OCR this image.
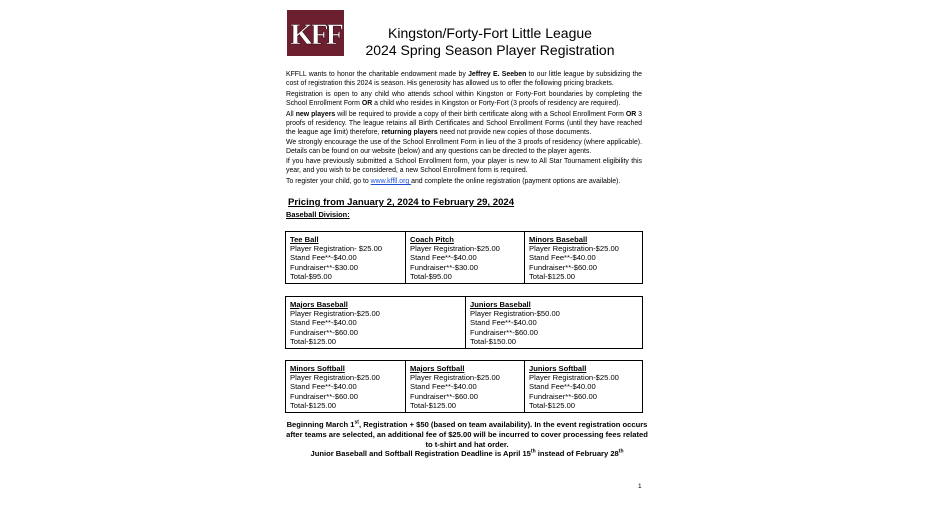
KFF	Kingston/Forty-Fort Little League
2024 Spring Season Player Registration
KFFLL wants to honor the charitable endowment made by Jeffrey E. Seeben to our little league by subsidizing the cost of registration this 2024 is season. His generosity has allowed us to offer the following pricing brackets.
Registration is open to any child who attends school within Kingston or Forty-Fort boundaries by completing the School Enrollment Form OR a child who resides in Kingston or Forty-Fort (3 proofs of residency are required).
All new players will be required to provide a copy of their birth certificate along with a School Enrollment Form OR 3 proofs of residency. The league retains all Birth Certificates and School Enrollment Forms (until they have reached the league age limit) therefore, returning players need not provide new copies of those documents.
We strongly encourage the use of the School Enrollment Form in lieu of the 3 proofs of residency (where applicable). Details can be found on our website (below) and any questions can be directed to the player agents.
If you have previously submitted a School Enrollment form, your player is new to All Star Tournament eligibility this year, and you wish to be considered, a new School Enrollment form is required.
To register your child, go to www.kffll.org and complete the online registration (payment options are available).
Pricing from January 2, 2024 to February 29, 2024
Baseball Division:
Tee Ball
Player Registration- $25.00
Stand Fee**-$40.00
Fundraiser**-$30.00
Total-$95.00
Coach Pitch
Player Registration-$25.00
Stand Fee**-$40.00
Fundraiser**-$30.00
Total-$95.00
Minors Baseball
Player Registration-$25.00
Stand Fee**-$40.00
Fundraiser**-$60.00
Total-$125.00
Majors Baseball
Player Registration-$25.00
Stand Fee**-$40.00
Fundraiser**-$60.00
Total-$125.00
Juniors Baseball
Player Registration-$50.00
Stand Fee**-$40.00
Fundraiser**-$60.00
Total-$150.00
Minors Softball
Player Registration-$25.00
Stand Fee**-$40.00
Fundraiser**-$60.00
Total-$125.00
Majors Softball
Player Registration-$25.00
Stand Fee**-$40.00
Fundraiser**-$60.00
Total-$125.00
Juniors Softball
Player Registration-$25.00
Stand Fee**-$40.00
Fundraiser**-$60.00
Total-$125.00
Beginning March 1st, Registration + $50 (based on team availability). In the event registration occurs after teams are selected, an additional fee of $25.00 will be incurred to cover processing fees related to t-shirt and hat order.
Junior Baseball and Softball Registration Deadline is April 15th instead of February 28th
1
